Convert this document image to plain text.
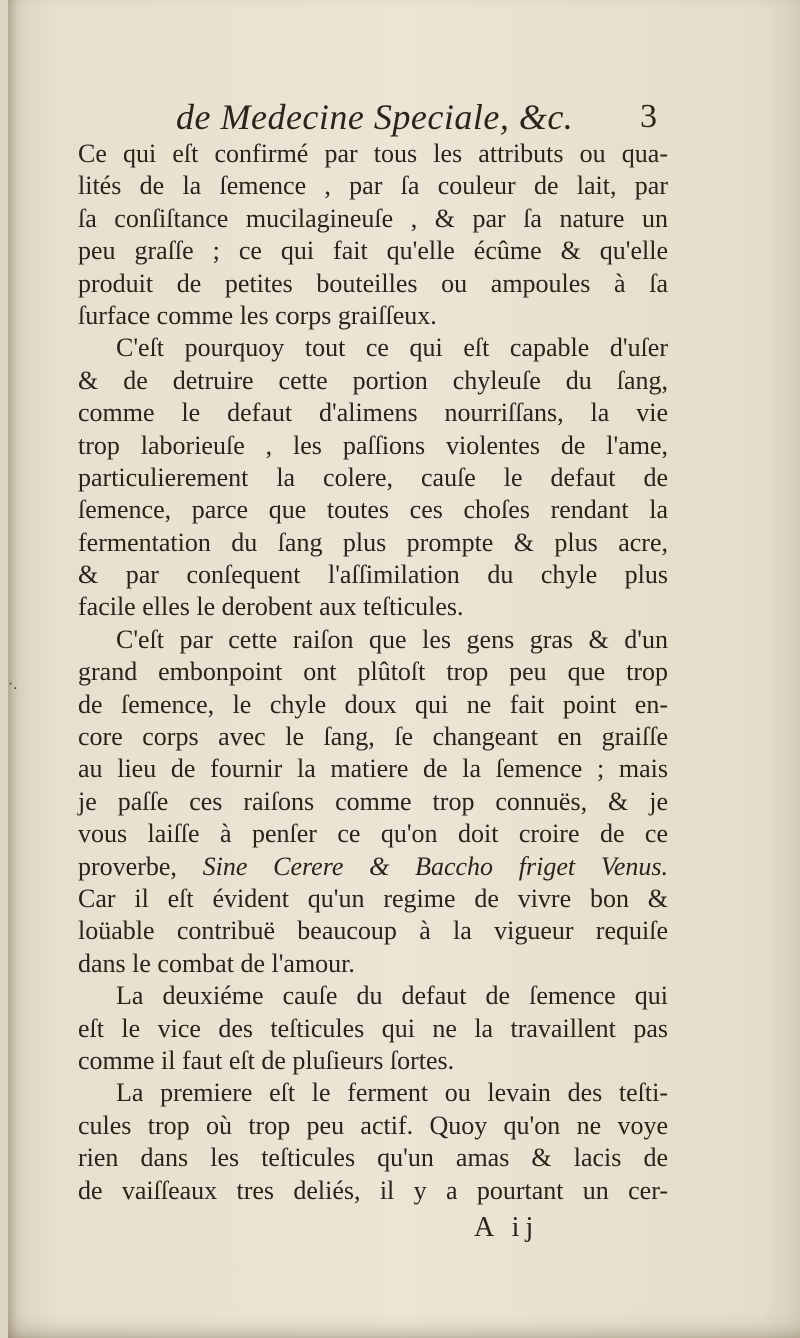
de Medecine Speciale, &c. 3
·.
Ce qui eſt confirmé par tous les attributs ou qua-
lités de la ſemence , par ſa couleur de lait, par
ſa conſiſtance mucilagineuſe , & par ſa nature un
peu graſſe ; ce qui fait qu'elle écûme & qu'elle
produit de petites bouteilles ou ampoules à ſa
ſurface comme les corps graiſſeux.
C'eſt pourquoy tout ce qui eſt capable d'uſer
& de detruire cette portion chyleuſe du ſang,
comme le defaut d'alimens nourriſſans, la vie
trop laborieuſe , les paſſions violentes de l'ame,
particulierement la colere, cauſe le defaut de
ſemence, parce que toutes ces choſes rendant la
fermentation du ſang plus prompte & plus acre,
& par conſequent l'aſſimilation du chyle plus
facile elles le derobent aux teſticules.
C'eſt par cette raiſon que les gens gras & d'un
grand embonpoint ont plûtoſt trop peu que trop
de ſemence, le chyle doux qui ne fait point en-
core corps avec le ſang, ſe changeant en graiſſe
au lieu de fournir la matiere de la ſemence ; mais
je paſſe ces raiſons comme trop connuës, & je
vous laiſſe à penſer ce qu'on doit croire de ce
proverbe, Sine Cerere & Baccho friget Venus.
Car il eſt évident qu'un regime de vivre bon &
loüable contribuë beaucoup à la vigueur requiſe
dans le combat de l'amour.
La deuxiéme cauſe du defaut de ſemence qui
eſt le vice des teſticules qui ne la travaillent pas
comme il faut eſt de pluſieurs ſortes.
La premiere eſt le ferment ou levain des teſti-
cules trop où trop peu actif. Quoy qu'on ne voye
rien dans les teſticules qu'un amas & lacis de
de vaiſſeaux tres deliés, il y a pourtant un cer-
A ij
